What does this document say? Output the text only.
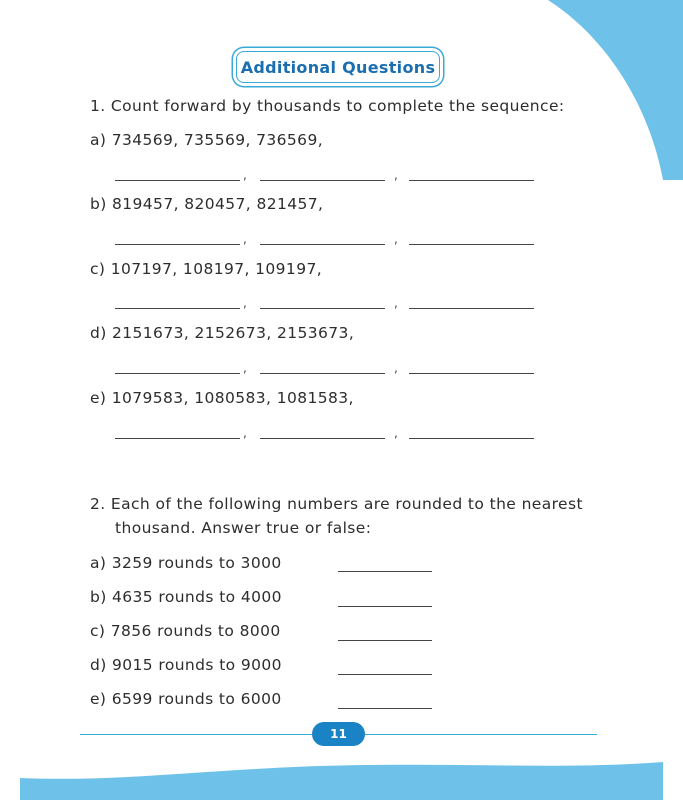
Additional Questions
1. Count forward by thousands to complete the sequence:
a) 734569, 735569, 736569,
,	,
b) 819457, 820457, 821457,
,	,
c) 107197, 108197, 109197,
,	,
d) 2151673, 2152673, 2153673,
,	,
e) 1079583, 1080583, 1081583,
,	,
2. Each of the following numbers are rounded to the nearest
thousand. Answer true or false:
a) 3259 rounds to 3000
b) 4635 rounds to 4000
c) 7856 rounds to 8000
d) 9015 rounds to 9000
e) 6599 rounds to 6000
11
